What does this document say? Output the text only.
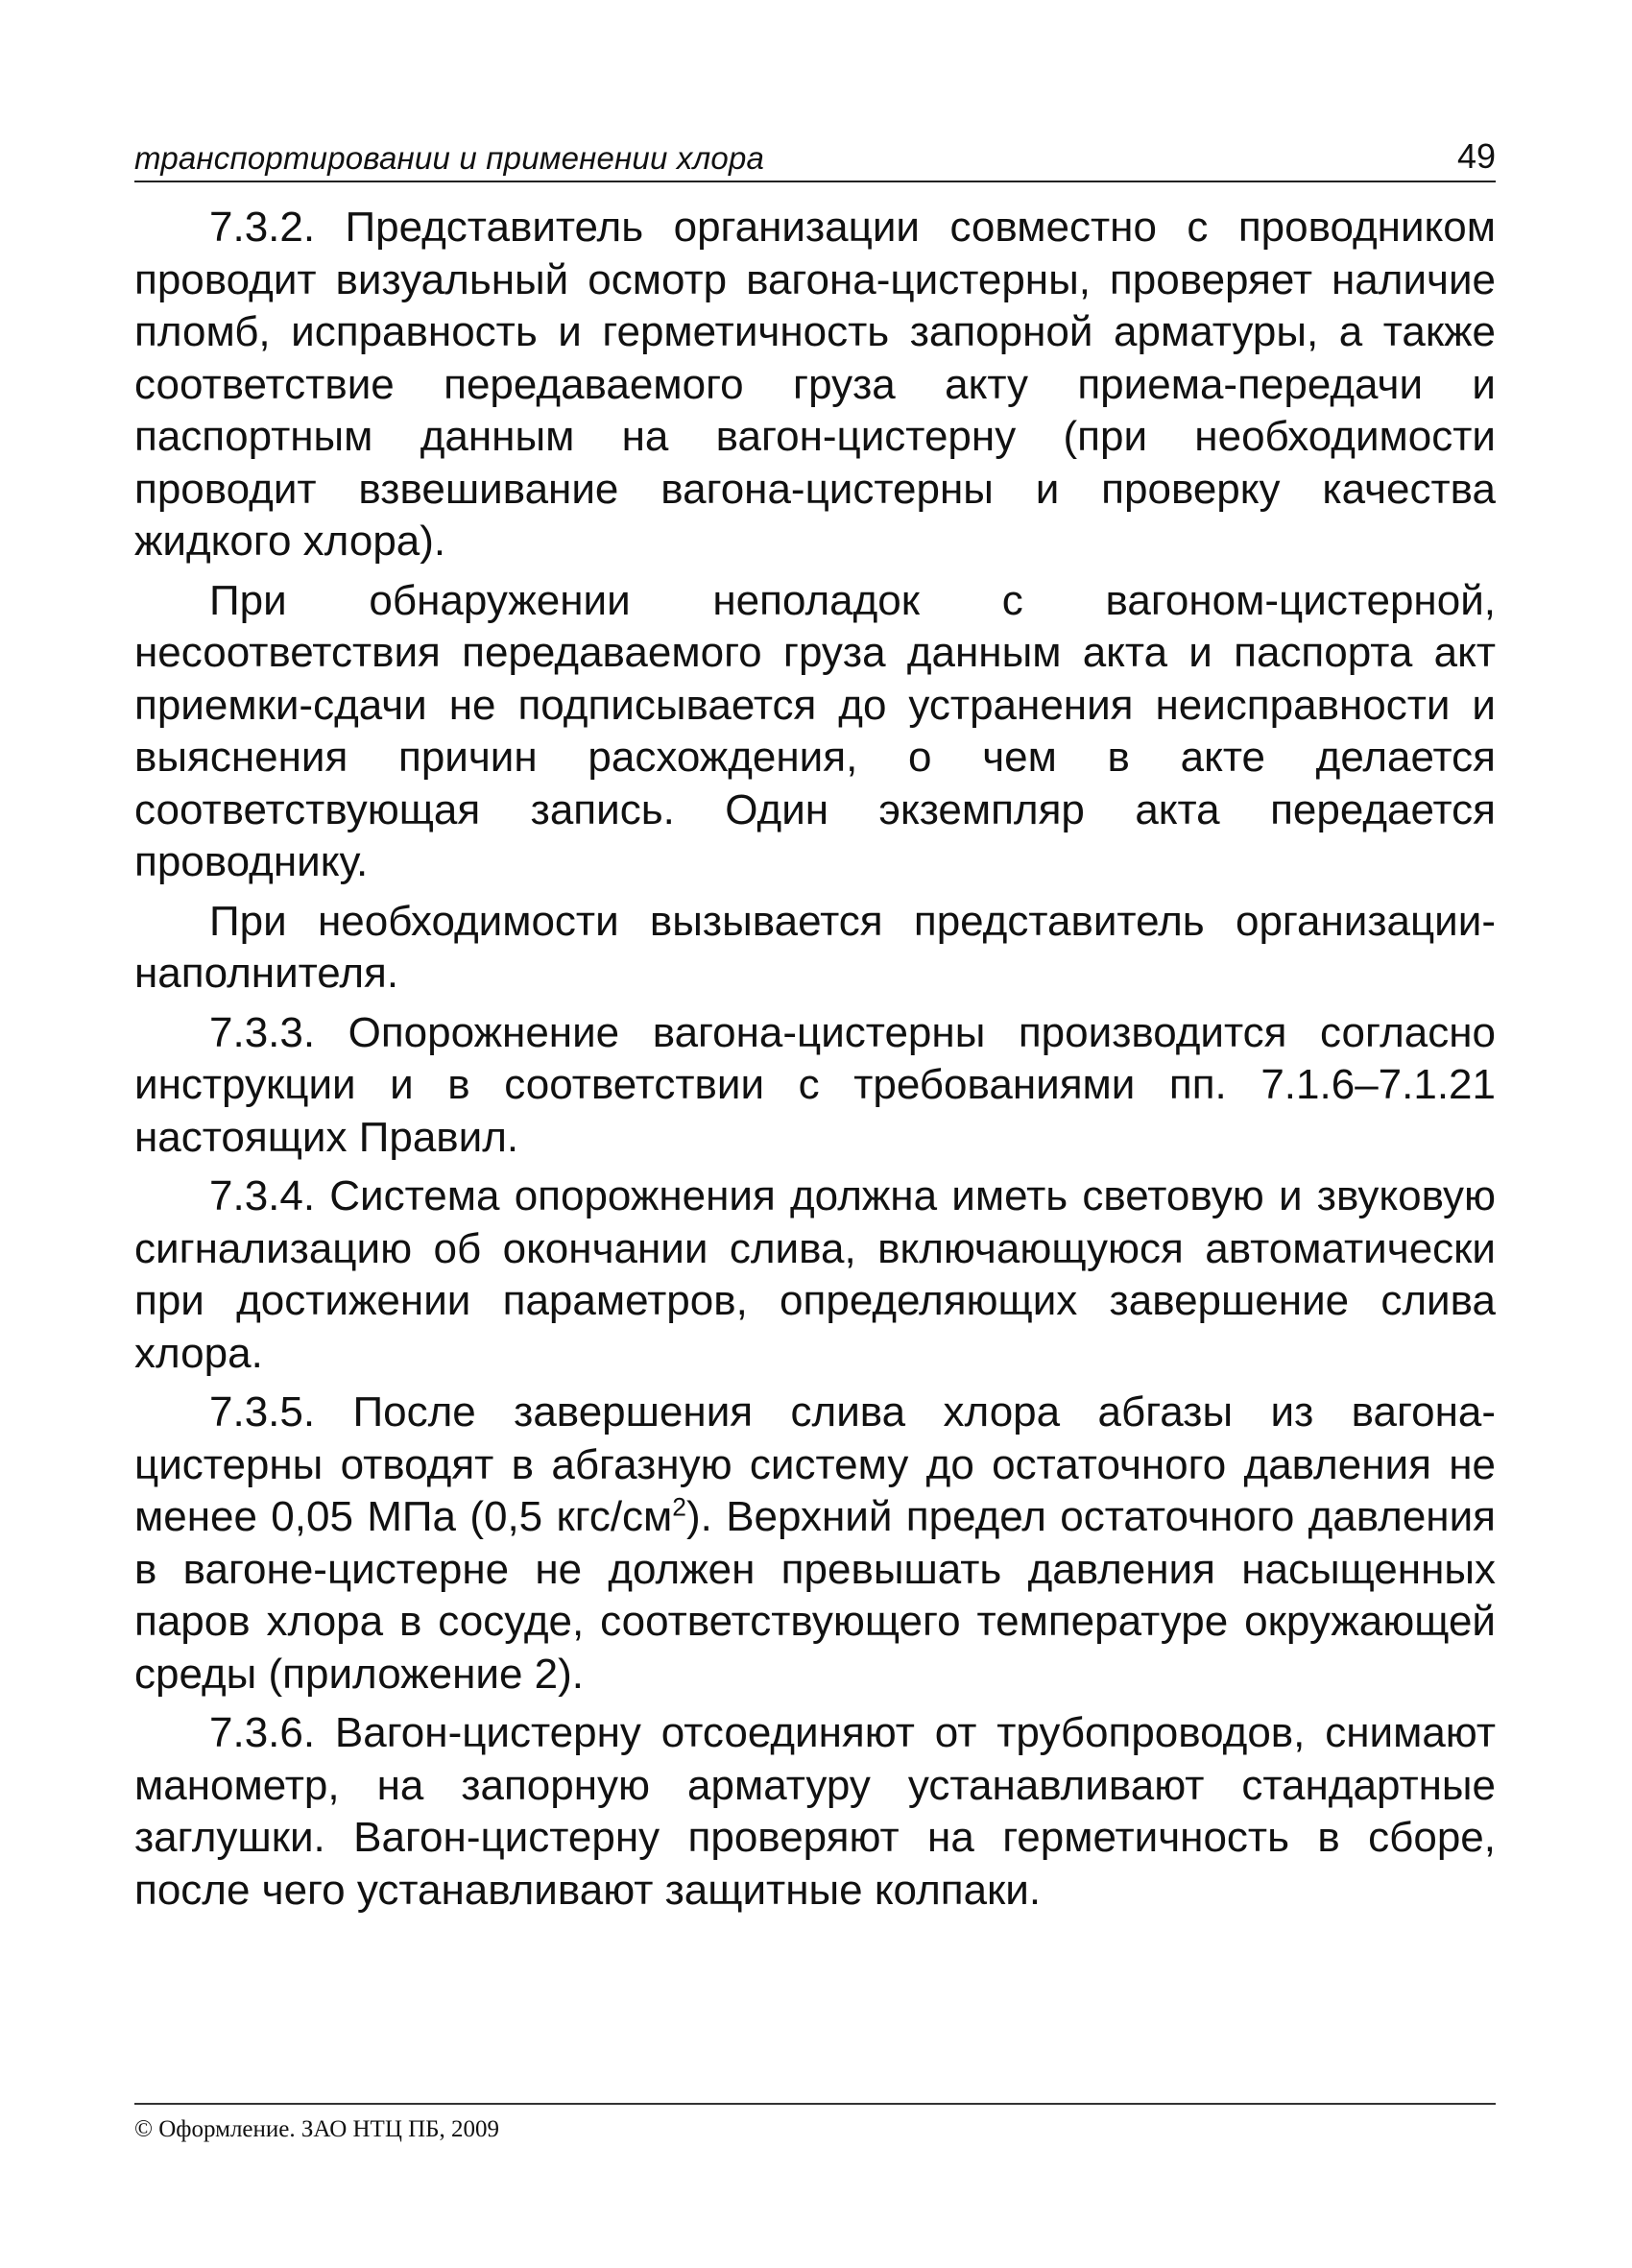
транспортировании и применении хлора	49

7.3.2. Представитель организации совместно с проводником проводит визуальный осмотр вагона-цистерны, проверяет наличие пломб, исправность и герметичность запорной арматуры, а также соответствие передаваемого груза акту приема-передачи и паспортным данным на вагон-цистерну (при необходимости проводит взвешивание вагона-цистерны и проверку качества жидкого хлора).

При обнаружении неполадок с вагоном-цистерной, несоответствия передаваемого груза данным акта и паспорта акт приемки-сдачи не подписывается до устранения неисправности и выяснения причин расхождения, о чем в акте делается соответствующая запись. Один экземпляр акта передается проводнику.

При необходимости вызывается представитель организации-наполнителя.

7.3.3. Опорожнение вагона-цистерны производится согласно инструкции и в соответствии с требованиями пп. 7.1.6–7.1.21 настоящих Правил.

7.3.4. Система опорожнения должна иметь световую и звуковую сигнализацию об окончании слива, включающуюся автоматически при достижении параметров, определяющих завершение слива хлора.

7.3.5. После завершения слива хлора абгазы из вагона-цистерны отводят в абгазную систему до остаточного давления не менее 0,05 МПа (0,5 кгс/$см^2$). Верхний предел остаточного давления в вагоне-цистерне не должен превышать давления насыщенных паров хлора в сосуде, соответствующего температуре окружающей среды (приложение 2).

7.3.6. Вагон-цистерну отсоединяют от трубопроводов, снимают манометр, на запорную арматуру устанавливают стандартные заглушки. Вагон-цистерну проверяют на герметичность в сборе, после чего устанавливают защитные колпаки.

© Оформление. ЗАО НТЦ ПБ, 2009
